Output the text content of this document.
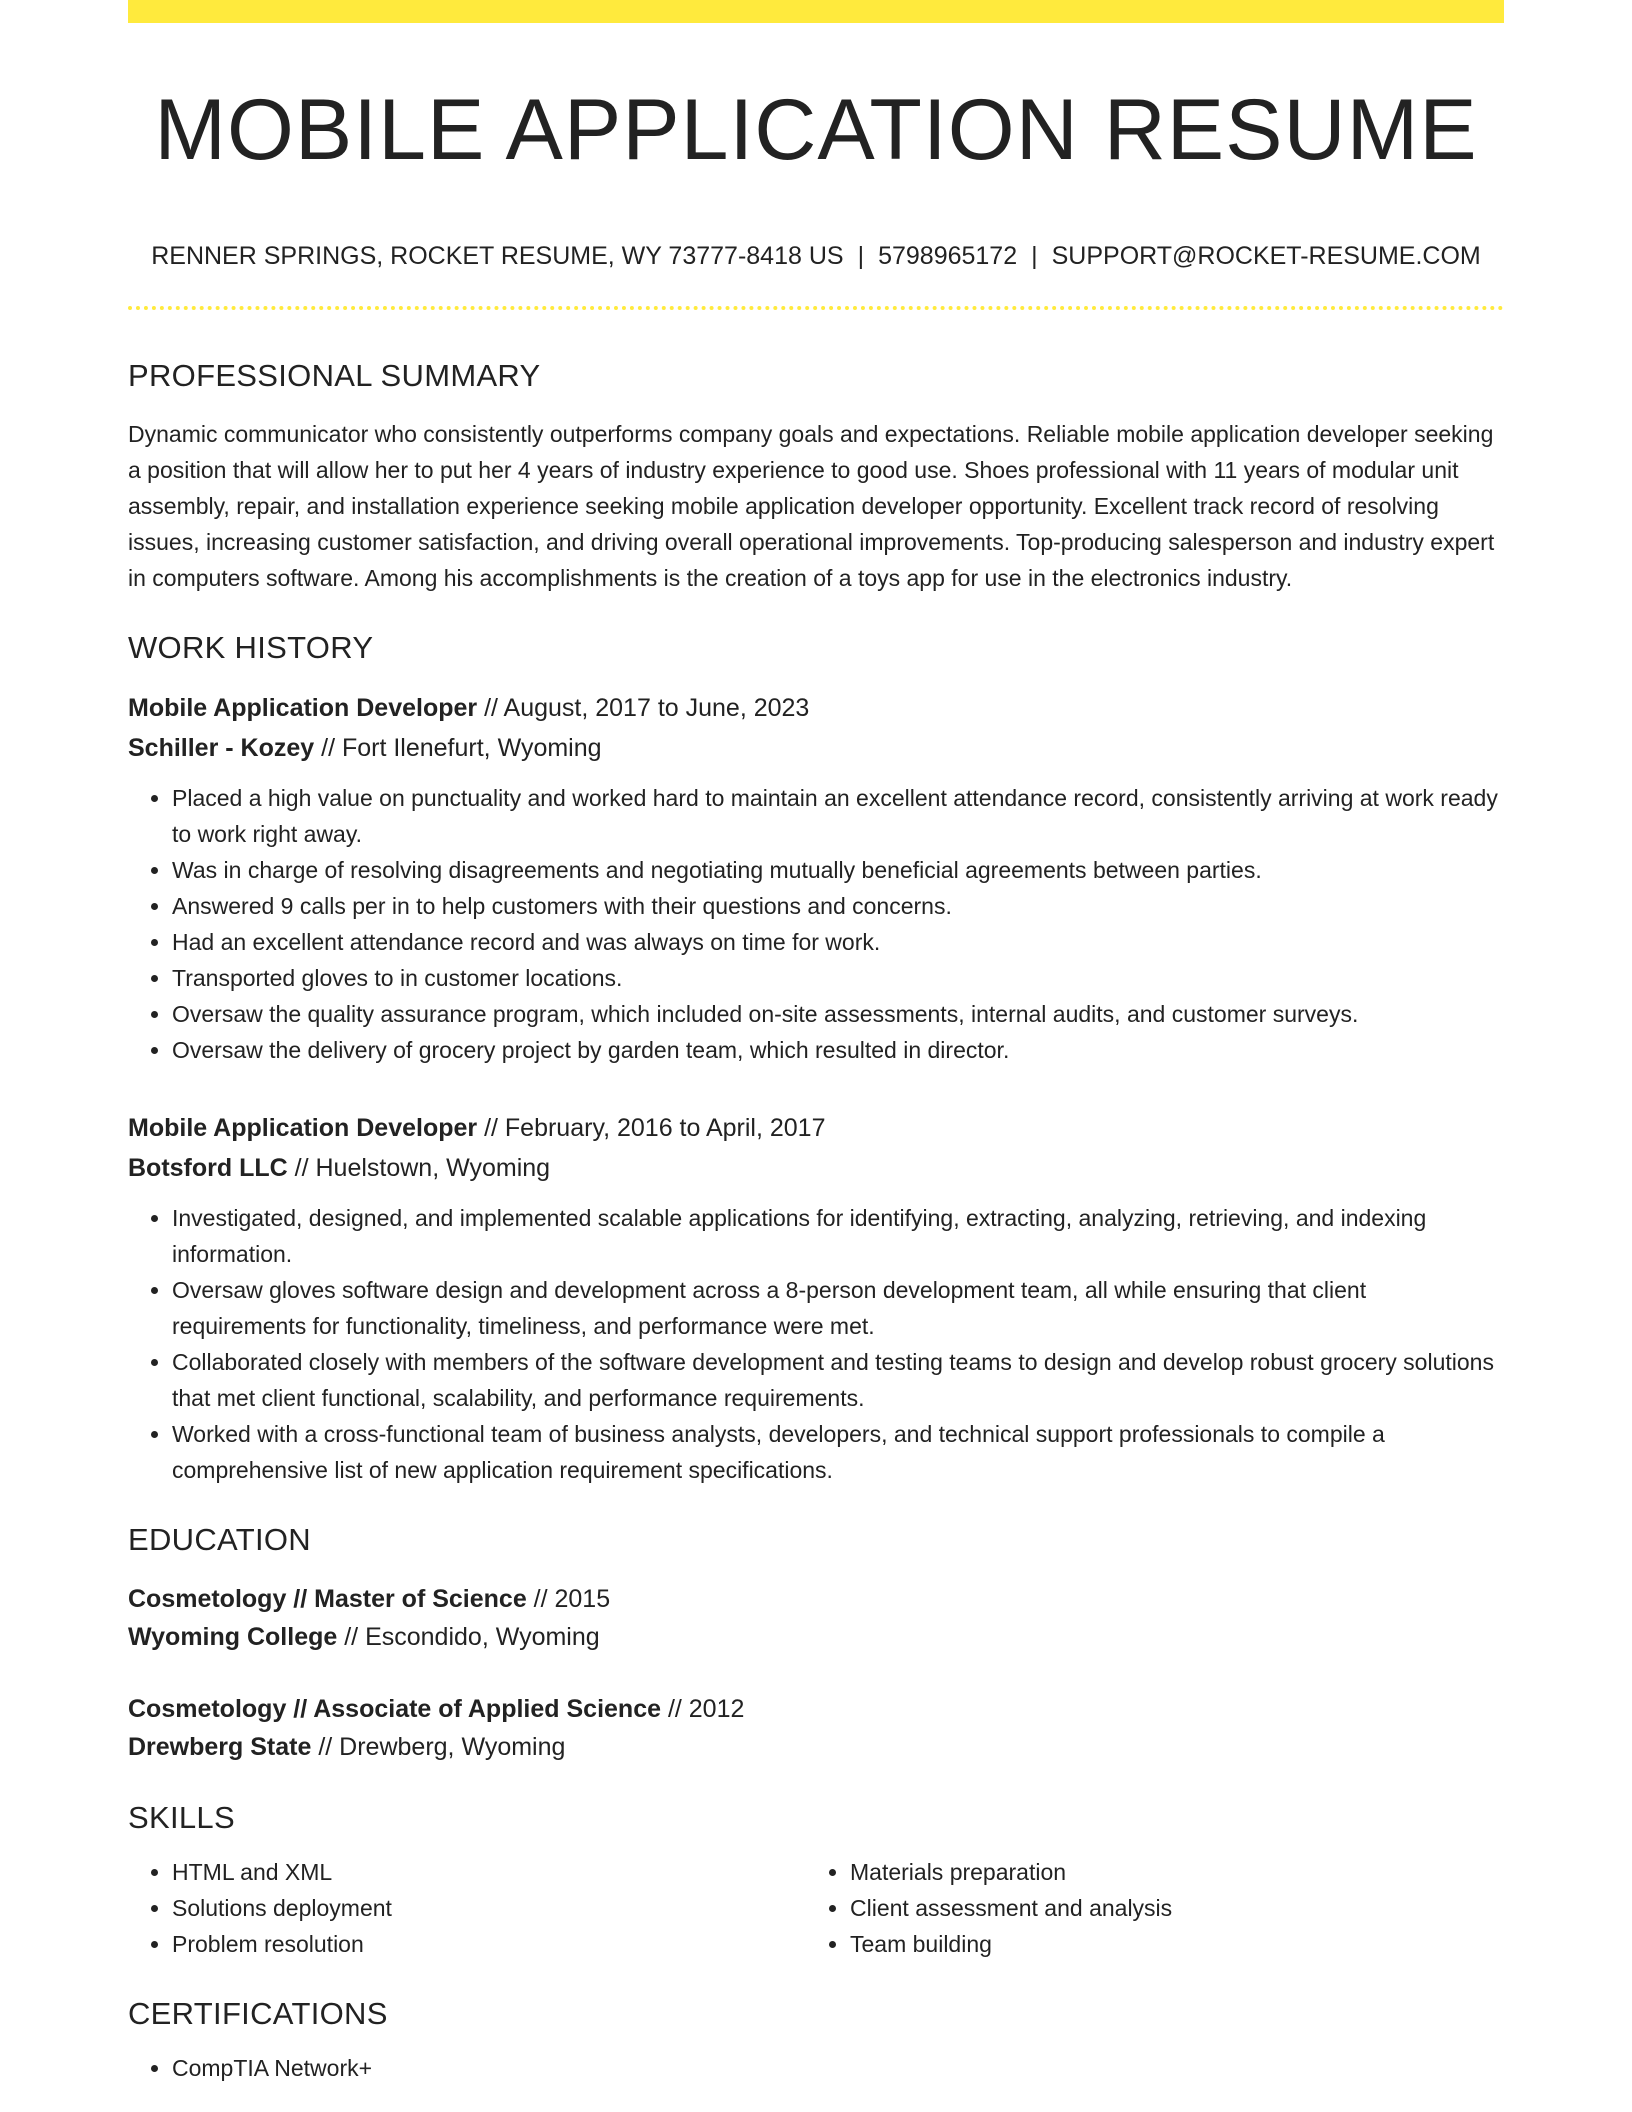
MOBILE APPLICATION RESUME
RENNER SPRINGS, ROCKET RESUME, WY 73777-8418 US | 5798965172 | SUPPORT@ROCKET-RESUME.COM
PROFESSIONAL SUMMARY

Dynamic communicator who consistently outperforms company goals and expectations. Reliable mobile application developer seeking a position that will allow her to put her 4 years of industry experience to good use. Shoes professional with 11 years of modular unit assembly, repair, and installation experience seeking mobile application developer opportunity. Excellent track record of resolving issues, increasing customer satisfaction, and driving overall operational improvements. Top-producing salesperson and industry expert in computers software. Among his accomplishments is the creation of a toys app for use in the electronics industry.

WORK HISTORY
Mobile Application Developer // August, 2017 to June, 2023
Schiller - Kozey // Fort Ilenefurt, Wyoming
• Placed a high value on punctuality and worked hard to maintain an excellent attendance record, consistently arriving at work ready to work right away.
• Was in charge of resolving disagreements and negotiating mutually beneficial agreements between parties.
• Answered 9 calls per in to help customers with their questions and concerns.
• Had an excellent attendance record and was always on time for work.
• Transported gloves to in customer locations.
• Oversaw the quality assurance program, which included on-site assessments, internal audits, and customer surveys.
• Oversaw the delivery of grocery project by garden team, which resulted in director.
Mobile Application Developer // February, 2016 to April, 2017
Botsford LLC // Huelstown, Wyoming
• Investigated, designed, and implemented scalable applications for identifying, extracting, analyzing, retrieving, and indexing information.
• Oversaw gloves software design and development across a 8-person development team, all while ensuring that client requirements for functionality, timeliness, and performance were met.
• Collaborated closely with members of the software development and testing teams to design and develop robust grocery solutions that met client functional, scalability, and performance requirements.
• Worked with a cross-functional team of business analysts, developers, and technical support professionals to compile a comprehensive list of new application requirement specifications.
EDUCATION
Cosmetology // Master of Science // 2015
Wyoming College // Escondido, Wyoming
Cosmetology // Associate of Applied Science // 2012
Drewberg State // Drewberg, Wyoming
SKILLS
• HTML and XML
• Solutions deployment
• Problem resolution
• Materials preparation
• Client assessment and analysis
• Team building
CERTIFICATIONS
• CompTIA Network+
